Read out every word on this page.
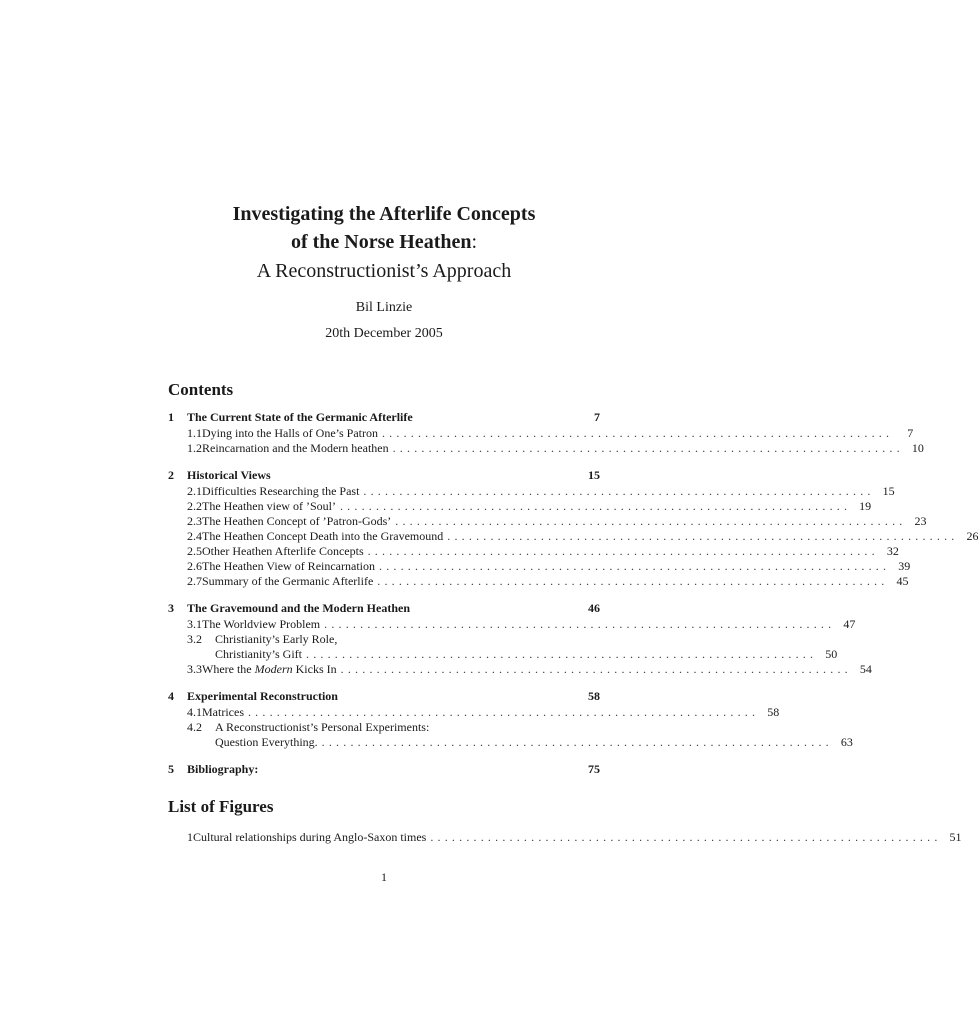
Investigating the Afterlife Concepts
of the Norse Heathen:
A Reconstructionist’s Approach
Bil Linzie
20th December 2005
Contents
1	The Current State of the Germanic Afterlife	7
1.1 Dying into the Halls of One’s Patron .......................................................................	7
1.2 Reincarnation and the Modern heathen ....................................................................... 10
2	Historical Views	15
2.1 Difficulties Researching the Past ....................................................................... 15
2.2 The Heathen view of ’Soul’ ....................................................................... 19
2.3 The Heathen Concept of ’Patron-Gods’ ....................................................................... 23
2.4 The Heathen Concept Death into the Gravemound ....................................................................... 26
2.5 Other Heathen Afterlife Concepts ....................................................................... 32
2.6 The Heathen View of Reincarnation ....................................................................... 39
2.7 Summary of the Germanic Afterlife ....................................................................... 45
3	The Gravemound and the Modern Heathen	46
3.1 The Worldview Problem ....................................................................... 47
3.2	Christianity’s Early Role,
Christianity’s Gift ....................................................................... 50
3.3 Where the Modern Kicks In ....................................................................... 54
4	Experimental Reconstruction	58
4.1 Matrices ....................................................................... 58
4.2	A Reconstructionist’s Personal Experiments:
Question Everything. ....................................................................... 63
5	Bibliography:	75
List of Figures
1 Cultural relationships during Anglo-Saxon times ....................................................................... 51
1
